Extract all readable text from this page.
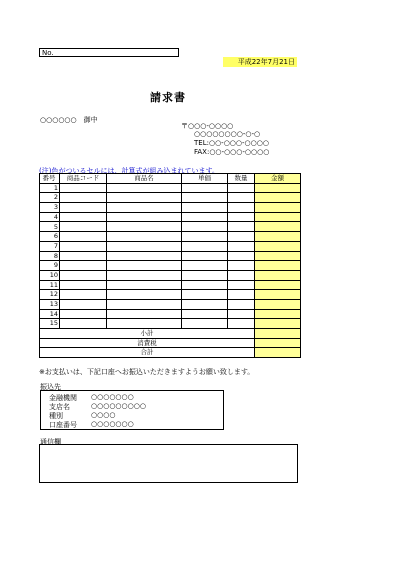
No.
平成22年7月21日
請求書
○○○○○○　御中
〒○○○-○○○○
○○○○○○○○-○-○
TEL:○○-○○○-○○○○
FAX:○○-○○○-○○○○
(注)色がついるセルには、計算式が組み込まれています。
番号	商品コード	商品名	単価	数量	金額
1					
2					
3					
4					
5					
6					
7					
8					
9					
10					
11					
12					
13					
14					
15					
小計					
消費税					
合計					
※お支払いは、下記口座へお振込いただきますようお願い致します。
振込先
金融機関 ○○○○○○○
支店名	○○○○○○○○○
種別	○○○○
口座番号 ○○○○○○○
通信欄
